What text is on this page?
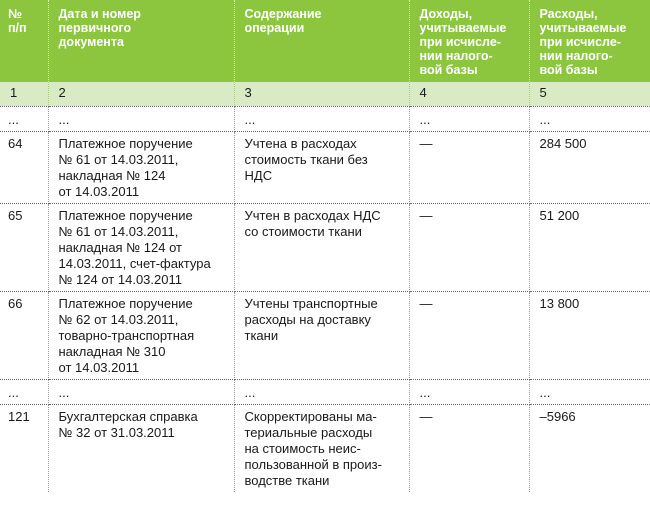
№
п/п	Дата и номер
первичного
документа	Содержание
операции	Доходы,
учитываемые
при исчисле-
нии налого-
вой базы	Расходы,
учитываемые
при исчисле-
нии налого-
вой базы
1	2	3	4	5
...	...	...	...	...
64	Платежное поручение
№ 61 от 14.03.2011,
накладная № 124
от 14.03.2011	Учтена в расходах
стоимость ткани без
НДС	—	284 500
65	Платежное поручение
№ 61 от 14.03.2011,
накладная № 124 от
14.03.2011, счет-фактура
№ 124 от 14.03.2011	Учтен в расходах НДС
со стоимости ткани	—	51 200
66	Платежное поручение
№ 62 от 14.03.2011,
товарно-транспортная
накладная № 310
от 14.03.2011	Учтены транспортные
расходы на доставку
ткани	—	13 800
...	...	...	...	...
121	Бухгалтерская справка
№ 32 от 31.03.2011	Скорректированы ма-
териальные расходы
на стоимость неис-
пользованной в произ-
водстве ткани	—	–5966
